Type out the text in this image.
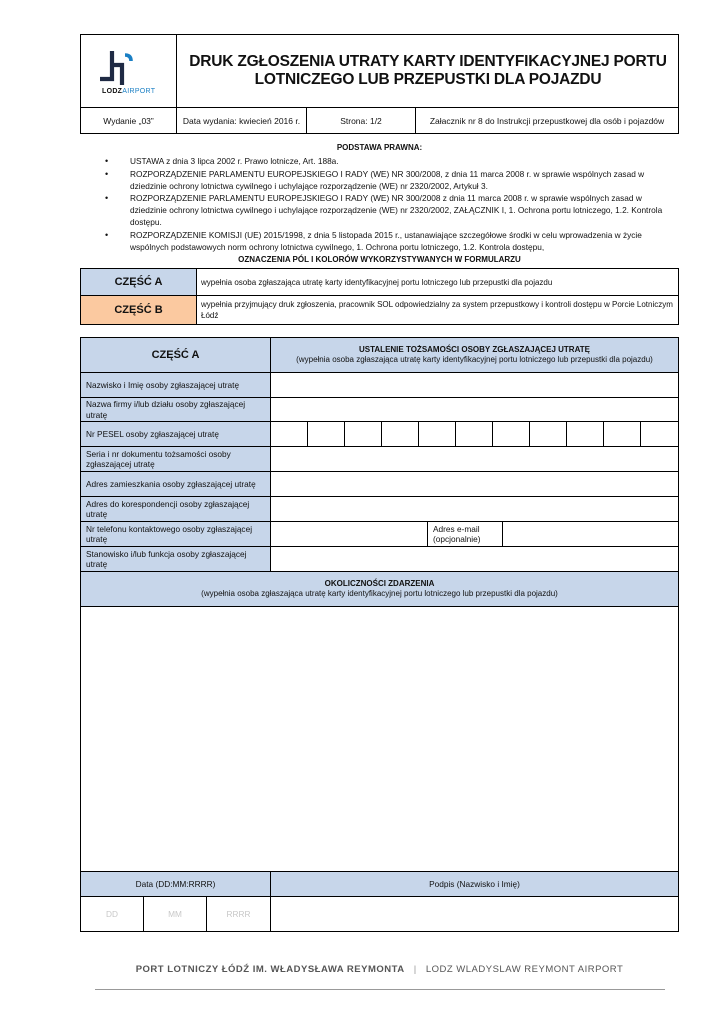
LODZAIRPORT
DRUK ZGŁOSZENIA UTRATY KARTY IDENTYFIKACYJNEJ PORTU
LOTNICZEGO LUB PRZEPUSTKI DLA POJAZDU
Wydanie „03”	Data wydania: kwiecień 2016 r.	Strona: 1/2	Załacznik nr 8 do Instrukcji przepustkowej dla osób i pojazdów
PODSTAWA PRAWNA:
• USTAWA z dnia 3 lipca 2002 r. Prawo lotnicze, Art. 188a.
• ROZPORZĄDZENIE PARLAMENTU EUROPEJSKIEGO I RADY (WE) NR 300/2008, z dnia 11 marca 2008 r. w sprawie wspólnych zasad w dziedzinie ochrony lotnictwa cywilnego i uchylające rozporządzenie (WE) nr 2320/2002, Artykuł 3.
• ROZPORZĄDZENIE PARLAMENTU EUROPEJSKIEGO I RADY (WE) NR 300/2008 z dnia 11 marca 2008 r. w sprawie wspólnych zasad w dziedzinie ochrony lotnictwa cywilnego i uchylające rozporządzenie (WE) nr 2320/2002, ZAŁĄCZNIK I, 1. Ochrona portu lotniczego, 1.2. Kontrola dostępu.
• ROZPORZĄDZENIE KOMISJI (UE) 2015/1998, z dnia 5 listopada 2015 r., ustanawiające szczegółowe środki w celu wprowadzenia w życie wspólnych podstawowych norm ochrony lotnictwa cywilnego, 1. Ochrona portu lotniczego, 1.2. Kontrola dostępu,
OZNACZENIA PÓL I KOLORÓW WYKORZYSTYWANYCH W FORMULARZU
CZĘŚĆ A	wypełnia osoba zgłaszająca utratę karty identyfikacyjnej portu lotniczego lub przepustki dla pojazdu
CZĘŚĆ B	wypełnia przyjmujący druk zgłoszenia, pracownik SOL odpowiedzialny za system przepustkowy i kontroli dostępu w Porcie Lotniczym Łódź
CZĘŚĆ A	USTALENIE TOŻSAMOŚCI OSOBY ZGŁASZAJĄCEJ UTRATĘ
(wypełnia osoba zgłaszająca utratę karty identyfikacyjnej portu lotniczego lub przepustki dla pojazdu)
Nazwisko i Imię osoby zgłaszającej utratę
Nazwa firmy i/lub działu osoby zgłaszającej utratę
Nr PESEL osoby zgłaszającej utratę
Seria i nr dokumentu tożsamości osoby zgłaszającej utratę
Adres zamieszkania osoby zgłaszającej utratę
Adres do korespondencji osoby zgłaszającej utratę
Nr telefonu kontaktowego osoby zgłaszającej utratę
Adres e-mail (opcjonalnie)
Stanowisko i/lub funkcja osoby zgłaszającej utratę
OKOLICZNOŚCI ZDARZENIA
(wypełnia osoba zgłaszająca utratę karty identyfikacyjnej portu lotniczego lub przepustki dla pojazdu)
Data (DD:MM:RRRR)	Podpis (Nazwisko i Imię)
DD	MM	RRRR
PORT LOTNICZY ŁÓDŹ IM. WŁADYSŁAWA REYMONTA | LODZ WLADYSLAW REYMONT AIRPORT
